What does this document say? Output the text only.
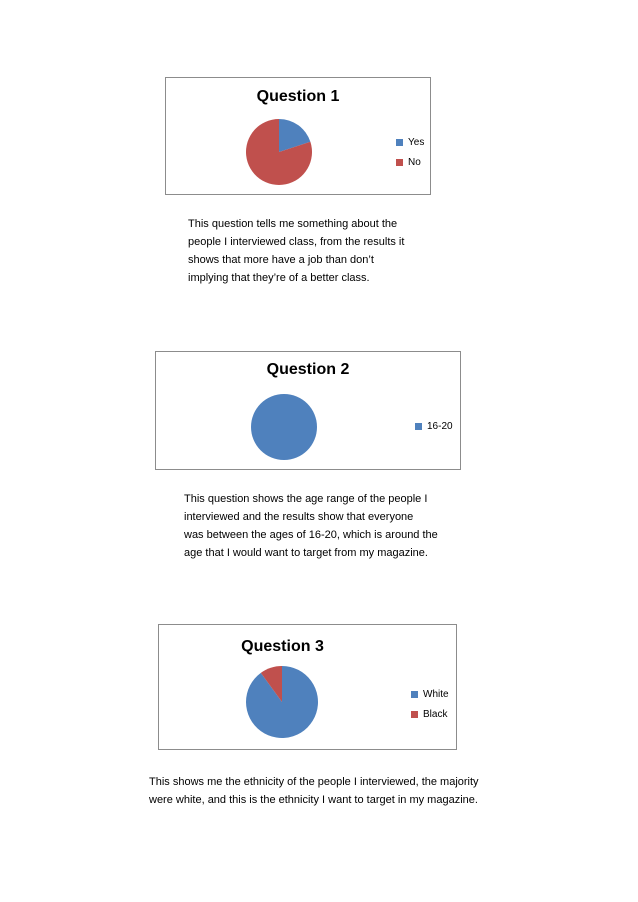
Question 1
Yes
No

This question tells me something about the

people I interviewed class, from the results it

shows that more have a job than don’t

implying that they’re of a better class.

Question 2
16-20

This question shows the age range of the people I

interviewed and the results show that everyone

was between the ages of 16-20, which is around the

age that I would want to target from my magazine.

Question 3
White
Black

This shows me the ethnicity of the people I interviewed, the majority

were white, and this is the ethnicity I want to target in my magazine.
